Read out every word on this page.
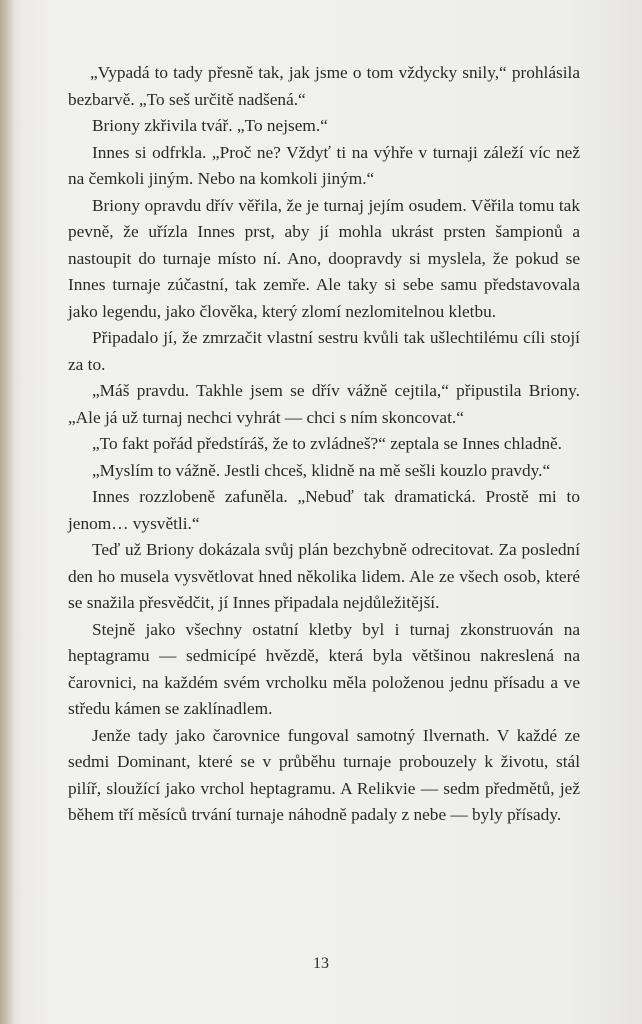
„Vypadá to tady přesně tak, jak jsme o tom vždycky snily,“ prohlásila bezbarvě. „To seš určitě nadšená.“

Briony zkřivila tvář. „To nejsem.“

Innes si odfrkla. „Proč ne? Vždyť ti na výhře v turnaji záleží víc než na čemkoli jiným. Nebo na komkoli jiným.“

Briony opravdu dřív věřila, že je turnaj jejím osudem. Věřila tomu tak pevně, že uřízla Innes prst, aby jí mohla ukrást prsten šampionů a nastoupit do turnaje místo ní. Ano, doopravdy si myslela, že pokud se Innes turnaje zúčastní, tak zemře. Ale taky si sebe samu představovala jako legendu, jako člověka, který zlomí nezlomitelnou kletbu.

Připadalo jí, že zmrzačit vlastní sestru kvůli tak ušlechtilému cíli stojí za to.

„Máš pravdu. Takhle jsem se dřív vážně cejtila,“ připustila Briony. „Ale já už turnaj nechci vyhrát — chci s ním skoncovat.“

„To fakt pořád předstíráš, že to zvládneš?“ zeptala se Innes chladně.

„Myslím to vážně. Jestli chceš, klidně na mě sešli kouzlo pravdy.“

Innes rozzlobeně zafuněla. „Nebuď tak dramatická. Prostě mi to jenom… vysvětli.“

Teď už Briony dokázala svůj plán bezchybně odrecitovat. Za poslední den ho musela vysvětlovat hned několika lidem. Ale ze všech osob, které se snažila přesvědčit, jí Innes připadala nejdůležitější.

Stejně jako všechny ostatní kletby byl i turnaj zkonstruován na heptagramu — sedmicípé hvězdě, která byla většinou nakreslená na čarovnici, na každém svém vrcholku měla položenou jednu přísadu a ve středu kámen se zaklínadlem.

Jenže tady jako čarovnice fungoval samotný Ilvernath. V každé ze sedmi Dominant, které se v průběhu turnaje probouzely k životu, stál pilíř, sloužící jako vrchol heptagramu. A Relikvie — sedm předmětů, jež během tří měsíců trvání turnaje náhodně padaly z nebe — byly přísady.

13
